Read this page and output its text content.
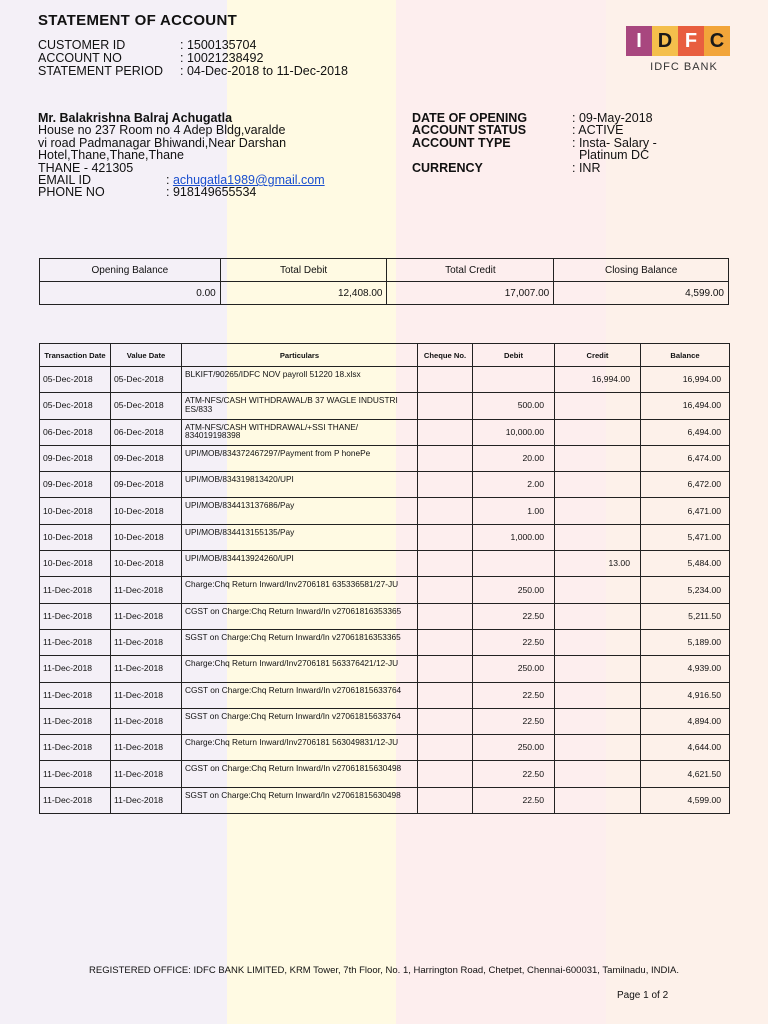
STATEMENT OF ACCOUNT
CUSTOMER ID	: 1500135704
ACCOUNT NO	: 10021238492
STATEMENT PERIOD	: 04-Dec-2018 to 11-Dec-2018
I D F C
IDFC BANK
Mr. Balakrishna Balraj Achugatla
House no 237 Room no 4 Adep Bldg,varalde
vi road Padmanagar Bhiwandi,Near Darshan
Hotel,Thane,Thane,Thane
THANE - 421305
EMAIL ID	: achugatla1989@gmail.com
PHONE NO	: 918149655534
DATE OF OPENING	: 09-May-2018
ACCOUNT STATUS	: ACTIVE
ACCOUNT TYPE	: Insta- Salary -
Platinum DC
CURRENCY	: INR
Opening Balance	Total Debit	Total Credit	Closing Balance
0.00	12,408.00	17,007.00	4,599.00
Transaction Date	Value Date	Particulars	Cheque No.	Debit	Credit	Balance
05-Dec-2018	05-Dec-2018	BLKIFT/90265/IDFC NOV payroll 51220 18.xlsx			16,994.00	16,994.00
05-Dec-2018	05-Dec-2018	ATM-NFS/CASH WITHDRAWAL/B 37 WAGLE INDUSTRI ES/833		500.00		16,494.00
06-Dec-2018	06-Dec-2018	ATM-NFS/CASH WITHDRAWAL/+SSI THANE/ 834019198398		10,000.00		6,494.00
09-Dec-2018	09-Dec-2018	UPI/MOB/834372467297/Payment from P honePe		20.00		6,474.00
09-Dec-2018	09-Dec-2018	UPI/MOB/834319813420/UPI		2.00		6,472.00
10-Dec-2018	10-Dec-2018	UPI/MOB/834413137686/Pay		1.00		6,471.00
10-Dec-2018	10-Dec-2018	UPI/MOB/834413155135/Pay		1,000.00		5,471.00
10-Dec-2018	10-Dec-2018	UPI/MOB/834413924260/UPI			13.00	5,484.00
11-Dec-2018	11-Dec-2018	Charge:Chq Return Inward/Inv2706181 635336581/27-JU		250.00		5,234.00
11-Dec-2018	11-Dec-2018	CGST on Charge:Chq Return Inward/In v27061816353365		22.50		5,211.50
11-Dec-2018	11-Dec-2018	SGST on Charge:Chq Return Inward/In v27061816353365		22.50		5,189.00
11-Dec-2018	11-Dec-2018	Charge:Chq Return Inward/Inv2706181 563376421/12-JU		250.00		4,939.00
11-Dec-2018	11-Dec-2018	CGST on Charge:Chq Return Inward/In v27061815633764		22.50		4,916.50
11-Dec-2018	11-Dec-2018	SGST on Charge:Chq Return Inward/In v27061815633764		22.50		4,894.00
11-Dec-2018	11-Dec-2018	Charge:Chq Return Inward/Inv2706181 563049831/12-JU		250.00		4,644.00
11-Dec-2018	11-Dec-2018	CGST on Charge:Chq Return Inward/In v27061815630498		22.50		4,621.50
11-Dec-2018	11-Dec-2018	SGST on Charge:Chq Return Inward/In v27061815630498		22.50		4,599.00
REGISTERED OFFICE: IDFC BANK LIMITED, KRM Tower, 7th Floor, No. 1, Harrington Road, Chetpet, Chennai-600031, Tamilnadu, INDIA.
Page 1 of 2
